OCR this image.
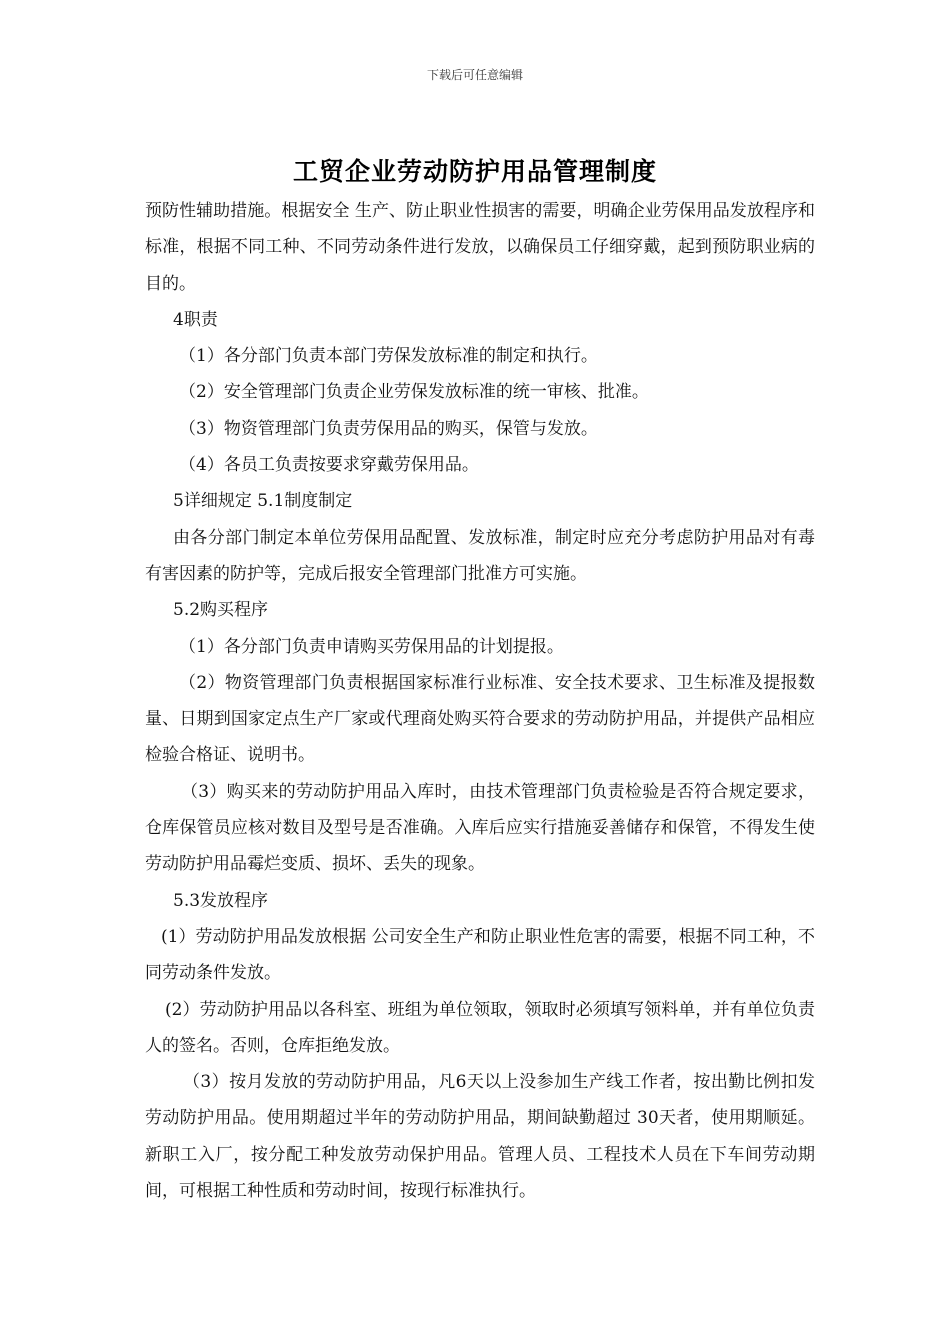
下载后可任意编辑
工贸企业劳动防护用品管理制度

预防性辅助措施。根据安全 生产、防止职业性损害的需要，明确企业劳保用品发放程序和标准，根据不同工种、不同劳动条件进行发放，以确保员工仔细穿戴，起到预防职业病的目的。

4职责

（1）各分部门负责本部门劳保发放标准的制定和执行。

（2）安全管理部门负责企业劳保发放标准的统一审核、批准。

（3）物资管理部门负责劳保用品的购买，保管与发放。

（4）各员工负责按要求穿戴劳保用品。

5详细规定 5.1制度制定

由各分部门制定本单位劳保用品配置、发放标准，制定时应充分考虑防护用品对有毒有害因素的防护等，完成后报安全管理部门批准方可实施。

5.2购买程序

（1）各分部门负责申请购买劳保用品的计划提报。

（2）物资管理部门负责根据国家标准行业标准、安全技术要求、卫生标准及提报数量、日期到国家定点生产厂家或代理商处购买符合要求的劳动防护用品，并提供产品相应检验合格证、说明书。

（3）购买来的劳动防护用品入库时，由技术管理部门负责检验是否符合规定要求，仓库保管员应核对数目及型号是否准确。入库后应实行措施妥善储存和保管，不得发生使劳动防护用品霉烂变质、损坏、丢失的现象。

5.3发放程序

(1）劳动防护用品发放根据 公司安全生产和防止职业性危害的需要，根据不同工种，不同劳动条件发放。

(2）劳动防护用品以各科室、班组为单位领取，领取时必须填写领料单，并有单位负责人的签名。否则，仓库拒绝发放。

（3）按月发放的劳动防护用品，凡6天以上没参加生产线工作者，按出勤比例扣发劳动防护用品。使用期超过半年的劳动防护用品，期间缺勤超过 30天者，使用期顺延。新职工入厂，按分配工种发放劳动保护用品。管理人员、工程技术人员在下车间劳动期间，可根据工种性质和劳动时间，按现行标准执行。
